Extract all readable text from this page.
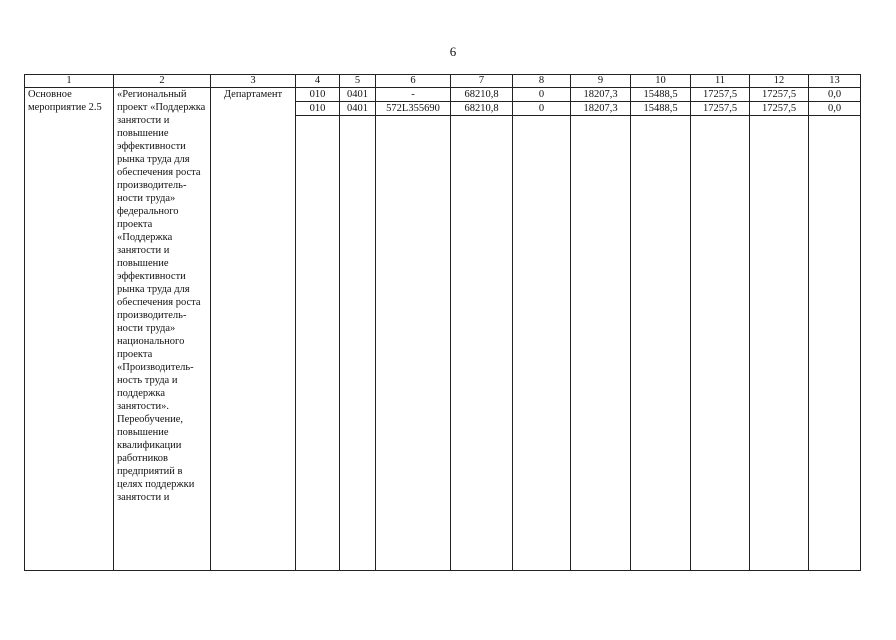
6
1	2	3	4	5	6	7	8	9	10	11	12	13
Основное мероприятие 2.5	«Региональный проект «Поддержка занятости и повышение эффективности рынка труда для обеспечения роста производитель-ности труда» федерального проекта «Поддержка занятости и повышение эффективности рынка труда для обеспечения роста производитель-ности труда» национального проекта «Производитель-ность труда и поддержка занятости». Переобучение, повышение квалификации работников предприятий в целях поддержки занятости и	Департамент	010	0401	-	68210,8	0	18207,3	15488,5	17257,5	17257,5	0,0
			010	0401	572L355690	68210,8	0	18207,3	15488,5	17257,5	17257,5	0,0
